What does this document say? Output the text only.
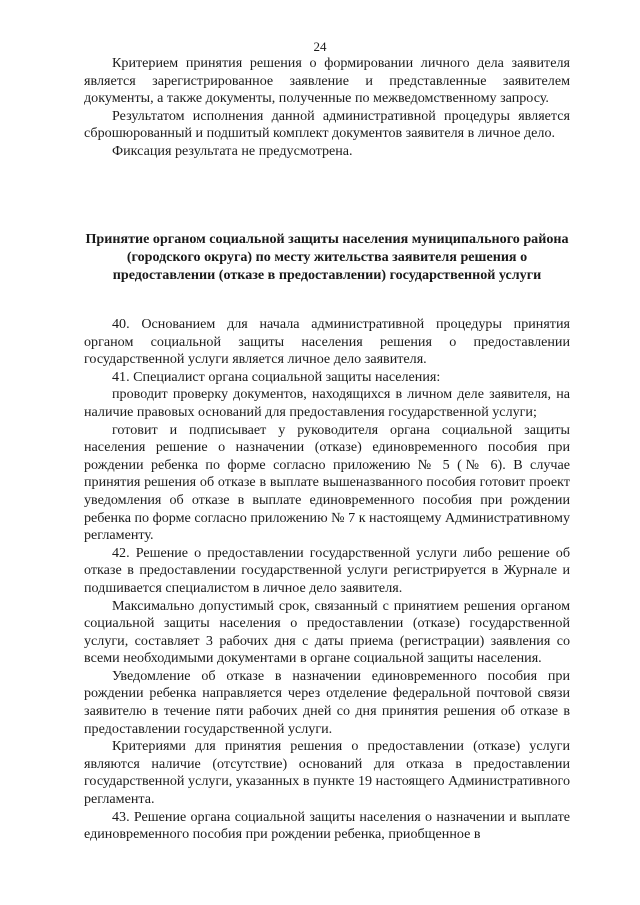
24

Критерием принятия решения о формировании личного дела заявителя является зарегистрированное заявление и представленные заявителем документы, а также документы, полученные по межведомственному запросу.

Результатом исполнения данной административной процедуры является сброшюрованный и подшитый комплект документов заявителя в личное дело.

Фиксация результата не предусмотрена.

Принятие органом социальной защиты населения муниципального района (городского округа) по месту жительства заявителя решения о предоставлении (отказе в предоставлении) государственной услуги

40. Основанием для начала административной процедуры принятия органом социальной защиты населения решения о предоставлении государственной услуги является личное дело заявителя.

41. Специалист органа социальной защиты населения:

проводит проверку документов, находящихся в личном деле заявителя, на наличие правовых оснований для предоставления государственной услуги;

готовит и подписывает у руководителя органа социальной защиты населения решение о назначении (отказе) единовременного пособия при рождении ребенка по форме согласно приложению № 5 (№ 6). В случае принятия решения об отказе в выплате вышеназванного пособия готовит проект уведомления об отказе в выплате единовременного пособия при рождении ребенка по форме согласно приложению № 7 к настоящему Административному регламенту.

42. Решение о предоставлении государственной услуги либо решение об отказе в предоставлении государственной услуги регистрируется в Журнале и подшивается специалистом в личное дело заявителя.

Максимально допустимый срок, связанный с принятием решения органом социальной защиты населения о предоставлении (отказе) государственной услуги, составляет 3 рабочих дня с даты приема (регистрации) заявления со всеми необходимыми документами в органе социальной защиты населения.

Уведомление об отказе в назначении единовременного пособия при рождении ребенка направляется через отделение федеральной почтовой связи заявителю в течение пяти рабочих дней со дня принятия решения об отказе в предоставлении государственной услуги.

Критериями для принятия решения о предоставлении (отказе) услуги являются наличие (отсутствие) оснований для отказа в предоставлении государственной услуги, указанных в пункте 19 настоящего Административного регламента.

43. Решение органа социальной защиты населения о назначении и выплате единовременного пособия при рождении ребенка, приобщенное в
